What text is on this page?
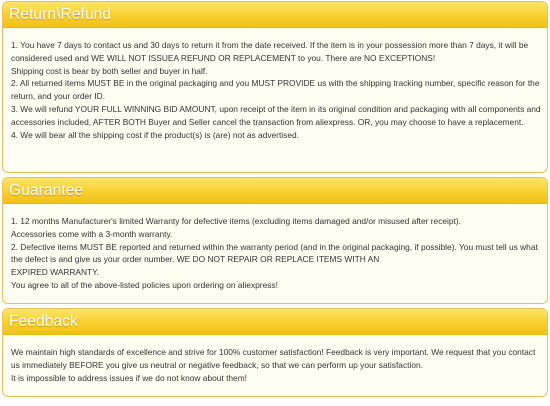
Return\Refund

1. You have 7 days to contact us and 30 days to return it from the date received. If the item is in your possession more than 7 days, it will be considered used and WE WILL NOT ISSUEA REFUND OR REPLACEMENT to you. There are NO EXCEPTIONS!
Shipping cost is bear by both seller and buyer in half.

2. All returned items MUST BE in the original packaging and you MUST PROVIDE us with the shipping tracking number, specific reason for the return, and your order ID.

3. We will refund YOUR FULL WINNING BID AMOUNT, upon receipt of the item in its original condition and packaging with all components and accessories included, AFTER BOTH Buyer and Seller cancel the transaction from aliexpress. OR, you may choose to have a replacement.

4. We will bear all the shipping cost if the product(s) is (are) not as advertised.

Guarantee

1. 12 months Manufacturer's limited Warranty for defective items (excluding items damaged and/or misused after receipt).
Accessories come with a 3-month warranty.

2. Defective items MUST BE reported and returned within the warranty period (and in the original packaging, if possible). You must tell us what the defect is and give us your order number. WE DO NOT REPAIR OR REPLACE ITEMS WITH AN
EXPIRED WARRANTY.

You agree to all of the above-listed policies upon ordering on aliexpress!

Feedback

We maintain high standards of excellence and strive for 100% customer satisfaction! Feedback is very important. We request that you contact us immediately BEFORE you give us neutral or negative feedback, so that we can perform up your satisfaction.

It is impossible to address issues if we do not know about them!
